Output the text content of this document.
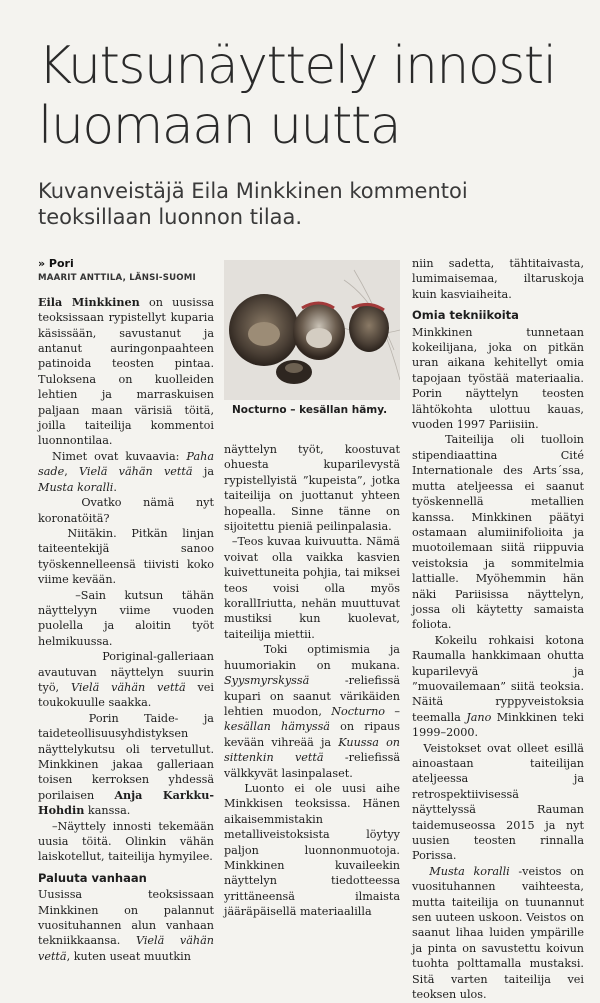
Kutsunäyttely innosti luomaan uutta

Kuvanveistäjä Eila Minkkinen kommentoi teoksillaan luonnon tilaa.

» Pori

MAARIT ANTTILA, LÄNSI-SUOMI

Eila Minkkinen on uusissa teoksissaan rypistellyt kuparia käsissään, savustanut ja antanut auringonpaahteen patinoida teosten pintaa. Tuloksena on kuolleiden lehtien ja marraskuisen paljaan maan värisiä töitä, joilla taiteilija kommentoi luonnontilaa.

Nimet ovat kuvaavia: Paha sade, Vielä vähän vettä ja Musta koralli.

Ovatko nämä nyt koronatöitä?

Niitäkin. Pitkän linjan taiteentekijä sanoo työskennelleensä tiivisti koko viime kevään.

–Sain kutsun tähän näyttelyyn viime vuoden puolella ja aloitin työt helmikuussa.

Poriginal-galleriaan avautuvan näyttelyn suurin työ, Vielä vähän vettä vei toukokuulle saakka.

Porin Taide- ja taideteollisuusyhdistyksen näyttelykutsu oli tervetullut. Minkkinen jakaa galleriaan toisen kerroksen yhdessä porilaisen Anja Karkku-Hohdin kanssa.

–Näyttely innosti tekemään uusia töitä. Olinkin vähän laiskotellut, taiteilija hymyilee.

Paluuta vanhaan

Uusissa teoksissaan Minkkinen on palannut vuosituhannen alun vanhaan tekniikkaansa. Vielä vähän vettä, kuten useat muutkin

Nocturno – kesällan hämy.

näyttelyn työt, koostuvat ohuesta kuparilevystä rypistellyistä ”kupeista”, jotka taiteilija on juottanut yhteen hopealla. Sinne tänne on sijoitettu pieniä peilinpalasia.

–Teos kuvaa kuivuutta. Nämä voivat olla vaikka kasvien kuivettuneita pohjia, tai miksei teos voisi olla myös korallIriutta, nehän muuttuvat mustiksi kun kuolevat, taiteilija miettii.

Toki optimismia ja huumoriakin on mukana. Syysmyrskyssä -reliefissä kupari on saanut värikäiden lehtien muodon, Nocturno – kesällan hämyssä on ripaus kevään vihreää ja Kuussa on sittenkin vettä -reliefissä välkkyvät lasinpalaset.

Luonto ei ole uusi aihe Minkkisen teoksissa. Hänen aikaisemmistakin metalliveistoksista löytyy paljon luonnonmuotoja. Minkkinen kuvaileekin näyttelyn tiedotteessa yrittäneensä ilmaista jääräpäisellä materiaalilla

niin sadetta, tähtitaivasta, lumimaisemaa, iltaruskoja kuin kasviaiheita.

Omia tekniikoita

Minkkinen tunnetaan kokeilijana, joka on pitkän uran aikana kehitellyt omia tapojaan työstää materiaalia. Porin näyttelyn teosten lähtökohta ulottuu kauas, vuoden 1997 Pariisiin.

Taiteilija oli tuolloin stipendiaattina Cité Internationale des Arts´ssa, mutta ateljeessa ei saanut työskennellä metallien kanssa. Minkkinen päätyi ostamaan alumiinifolioita ja muotoilemaan siitä riippuvia veistoksia ja sommitelmia lattialle. Myöhemmin hän näki Pariisissa näyttelyn, jossa oli käytetty samaista foliota.

Kokeilu rohkaisi kotona Raumalla hankkimaan ohutta kuparilevyä ja ”muovailemaan” siitä teoksia. Näitä ryppyveistoksia teemalla Jano Minkkinen teki 1999–2000.

Veistokset ovat olleet esillä ainoastaan taiteilijan ateljeessa ja retrospektiivisessä näyttelyssä Rauman taidemuseossa 2015 ja nyt uusien teosten rinnalla Porissa.

Musta koralli -veistos on vuosituhannen vaihteesta, mutta taiteilija on tuunannut sen uuteen uskoon. Veistos on saanut lihaa luiden ympärille ja pinta on savustettu koivun tuohta polttamalla mustaksi. Sitä varten taiteilija vei teoksen ulos.
